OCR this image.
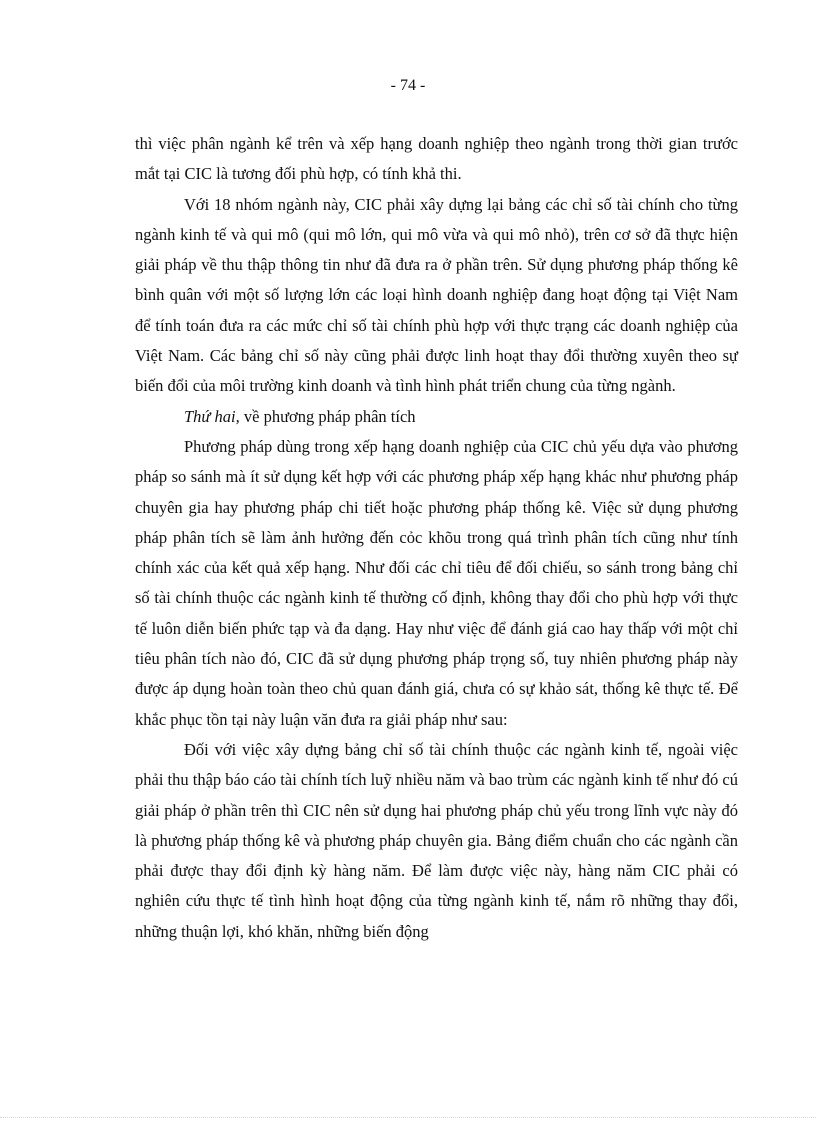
- 74 -

thì việc phân ngành kể trên và xếp hạng doanh nghiệp theo ngành trong thời gian trước mắt tại CIC là tương đối phù hợp, có tính khả thi.

Với 18 nhóm ngành này, CIC phải xây dựng lại bảng các chỉ số tài chính cho từng ngành kinh tế và qui mô (qui mô lớn, qui mô vừa và qui mô nhỏ), trên cơ sở đã thực hiện giải pháp về thu thập thông tin như đã đưa ra ở phần trên. Sử dụng phương pháp thống kê bình quân với một số lượng lớn các loại hình doanh nghiệp đang hoạt động tại Việt Nam để tính toán đưa ra các mức chỉ số tài chính phù hợp với thực trạng các doanh nghiệp của Việt Nam. Các bảng chỉ số này cũng phải được linh hoạt thay đổi thường xuyên theo sự biến đổi của môi trường kinh doanh và tình hình phát triển chung của từng ngành.

Thứ hai, về phương pháp phân tích

Phương pháp dùng trong xếp hạng doanh nghiệp của CIC chủ yếu dựa vào phương pháp so sánh mà ít sử dụng kết hợp với các phương pháp xếp hạng khác như phương pháp chuyên gia hay phương pháp chi tiết hoặc phương pháp thống kê. Việc sử dụng phương pháp phân tích sẽ làm ảnh hưởng đến cỏc khõu trong quá trình phân tích cũng như tính chính xác của kết quả xếp hạng. Như đối các chỉ tiêu để đối chiếu, so sánh trong bảng chỉ số tài chính thuộc các ngành kinh tế thường cố định, không thay đổi cho phù hợp với thực tế luôn diễn biến phức tạp và đa dạng. Hay như việc để đánh giá cao hay thấp với một chỉ tiêu phân tích nào đó, CIC đã sử dụng phương pháp trọng số, tuy nhiên phương pháp này được áp dụng hoàn toàn theo chủ quan đánh giá, chưa có sự khảo sát, thống kê thực tế. Để khắc phục tồn tại này luận văn đưa ra giải pháp như sau:

Đối với việc xây dựng bảng chỉ số tài chính thuộc các ngành kinh tế, ngoài việc phải thu thập báo cáo tài chính tích luỹ nhiều năm và bao trùm các ngành kinh tế như đó cú giải pháp ở phần trên thì CIC nên sử dụng hai phương pháp chủ yếu trong lĩnh vực này đó là phương pháp thống kê và phương pháp chuyên gia. Bảng điểm chuẩn cho các ngành cần phải được thay đổi định kỳ hàng năm. Để làm được việc này, hàng năm CIC phải có nghiên cứu thực tế tình hình hoạt động của từng ngành kinh tế, nắm rõ những thay đổi, những thuận lợi, khó khăn, những biến động
